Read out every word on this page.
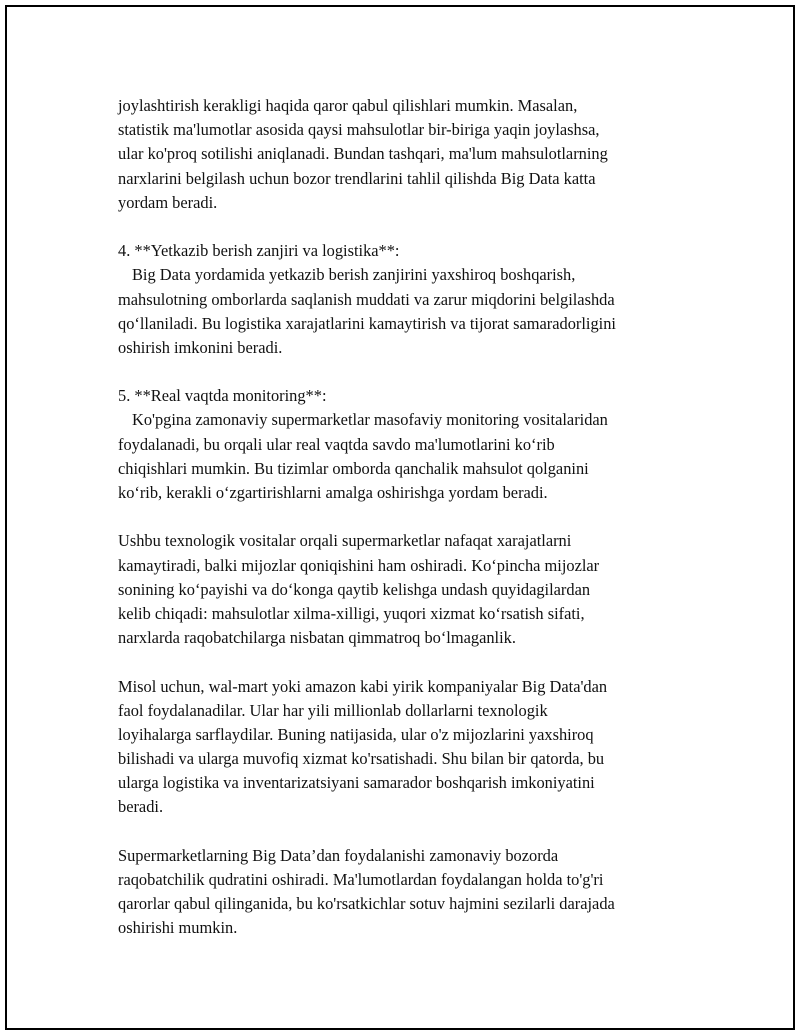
joylashtirish kerakligi haqida qaror qabul qilishlari mumkin. Masalan,
statistik ma'lumotlar asosida qaysi mahsulotlar bir-biriga yaqin joylashsa,
ular ko'proq sotilishi aniqlanadi. Bundan tashqari, ma'lum mahsulotlarning
narxlarini belgilash uchun bozor trendlarini tahlil qilishda Big Data katta
yordam beradi.
4. **Yetkazib berish zanjiri va logistika**:
Big Data yordamida yetkazib berish zanjirini yaxshiroq boshqarish,
mahsulotning omborlarda saqlanish muddati va zarur miqdorini belgilashda
qo‘llaniladi. Bu logistika xarajatlarini kamaytirish va tijorat samaradorligini
oshirish imkonini beradi.
5. **Real vaqtda monitoring**:
Ko'pgina zamonaviy supermarketlar masofaviy monitoring vositalaridan
foydalanadi, bu orqali ular real vaqtda savdo ma'lumotlarini ko‘rib
chiqishlari mumkin. Bu tizimlar omborda qanchalik mahsulot qolganini
ko‘rib, kerakli o‘zgartirishlarni amalga oshirishga yordam beradi.
Ushbu texnologik vositalar orqali supermarketlar nafaqat xarajatlarni
kamaytiradi, balki mijozlar qoniqishini ham oshiradi. Ko‘pincha mijozlar
sonining ko‘payishi va do‘konga qaytib kelishga undash quyidagilardan
kelib chiqadi: mahsulotlar xilma-xilligi, yuqori xizmat ko‘rsatish sifati,
narxlarda raqobatchilarga nisbatan qimmatroq bo‘lmaganlik.
Misol uchun, wal-mart yoki amazon kabi yirik kompaniyalar Big Data'dan
faol foydalanadilar. Ular har yili millionlab dollarlarni texnologik
loyihalarga sarflaydilar. Buning natijasida, ular o'z mijozlarini yaxshiroq
bilishadi va ularga muvofiq xizmat ko'rsatishadi. Shu bilan bir qatorda, bu
ularga logistika va inventarizatsiyani samarador boshqarish imkoniyatini
beradi.
Supermarketlarning Big Data’dan foydalanishi zamonaviy bozorda
raqobatchilik qudratini oshiradi. Ma'lumotlardan foydalangan holda to'g'ri
qarorlar qabul qilinganida, bu ko'rsatkichlar sotuv hajmini sezilarli darajada
oshirishi mumkin.
